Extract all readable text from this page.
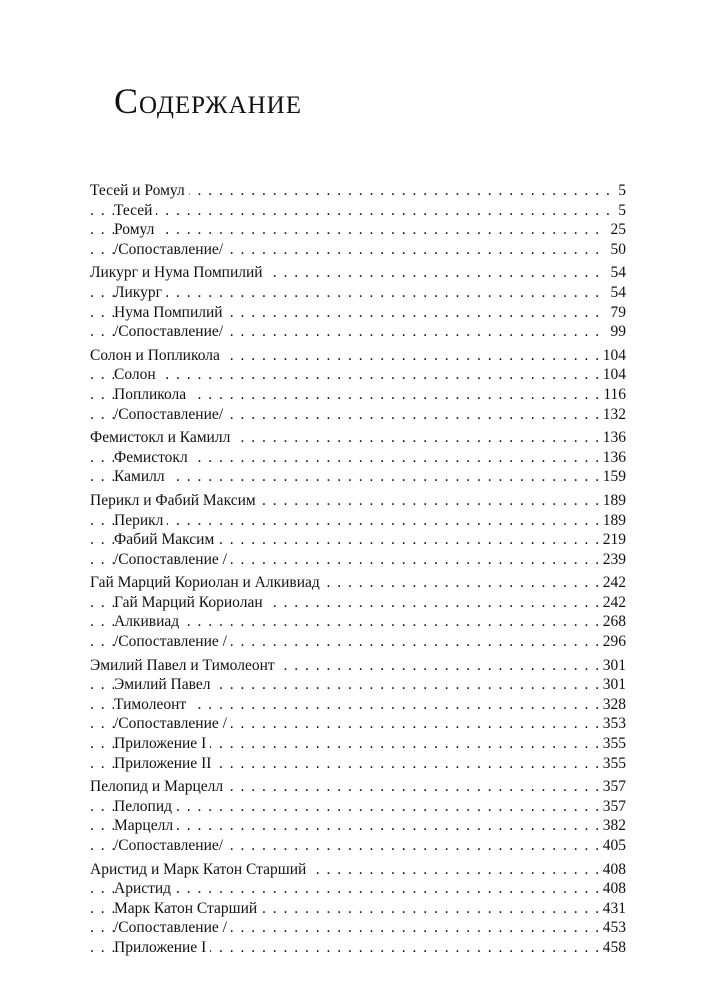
Содержание
. . . Тесей и Ромул	5
. . . Тесей	5
. . . Ромул	25
. . . /Сопоставление/	50
. . . Ликург и Нума Помпилий	54
. . . Ликург	54
. . . Нума Помпилий	79
. . . /Сопоставление/	99
. . . Солон и Попликола	104
. . . Солон	104
. . . Попликола	116
. . . /Сопоставление/	132
. . . Фемистокл и Камилл	136
. . . Фемистокл	136
. . . Камилл	159
. . . Перикл и Фабий Максим	189
. . . Перикл	189
. . . Фабий Максим	219
. . . /Сопоставление /	239
. . . Гай Марций Кориолан и Алкивиад	242
. . . Гай Марций Кориолан	242
. . . Алкивиад	268
. . . /Сопоставление /	296
. . . Эмилий Павел и Тимолеонт	301
. . . Эмилий Павел	301
. . . Тимолеонт	328
. . . /Сопоставление /	353
. . . Приложение I	355
. . . Приложение II	355
. . . Пелопид и Марцелл	357
. . . Пелопид	357
. . . Марцелл	382
. . . /Сопоставление/	405
. . . Аристид и Марк Катон Старший	408
. . . Аристид	408
. . . Марк Катон Старший	431
. . . /Сопоставление /	453
. . . Приложение I	458
